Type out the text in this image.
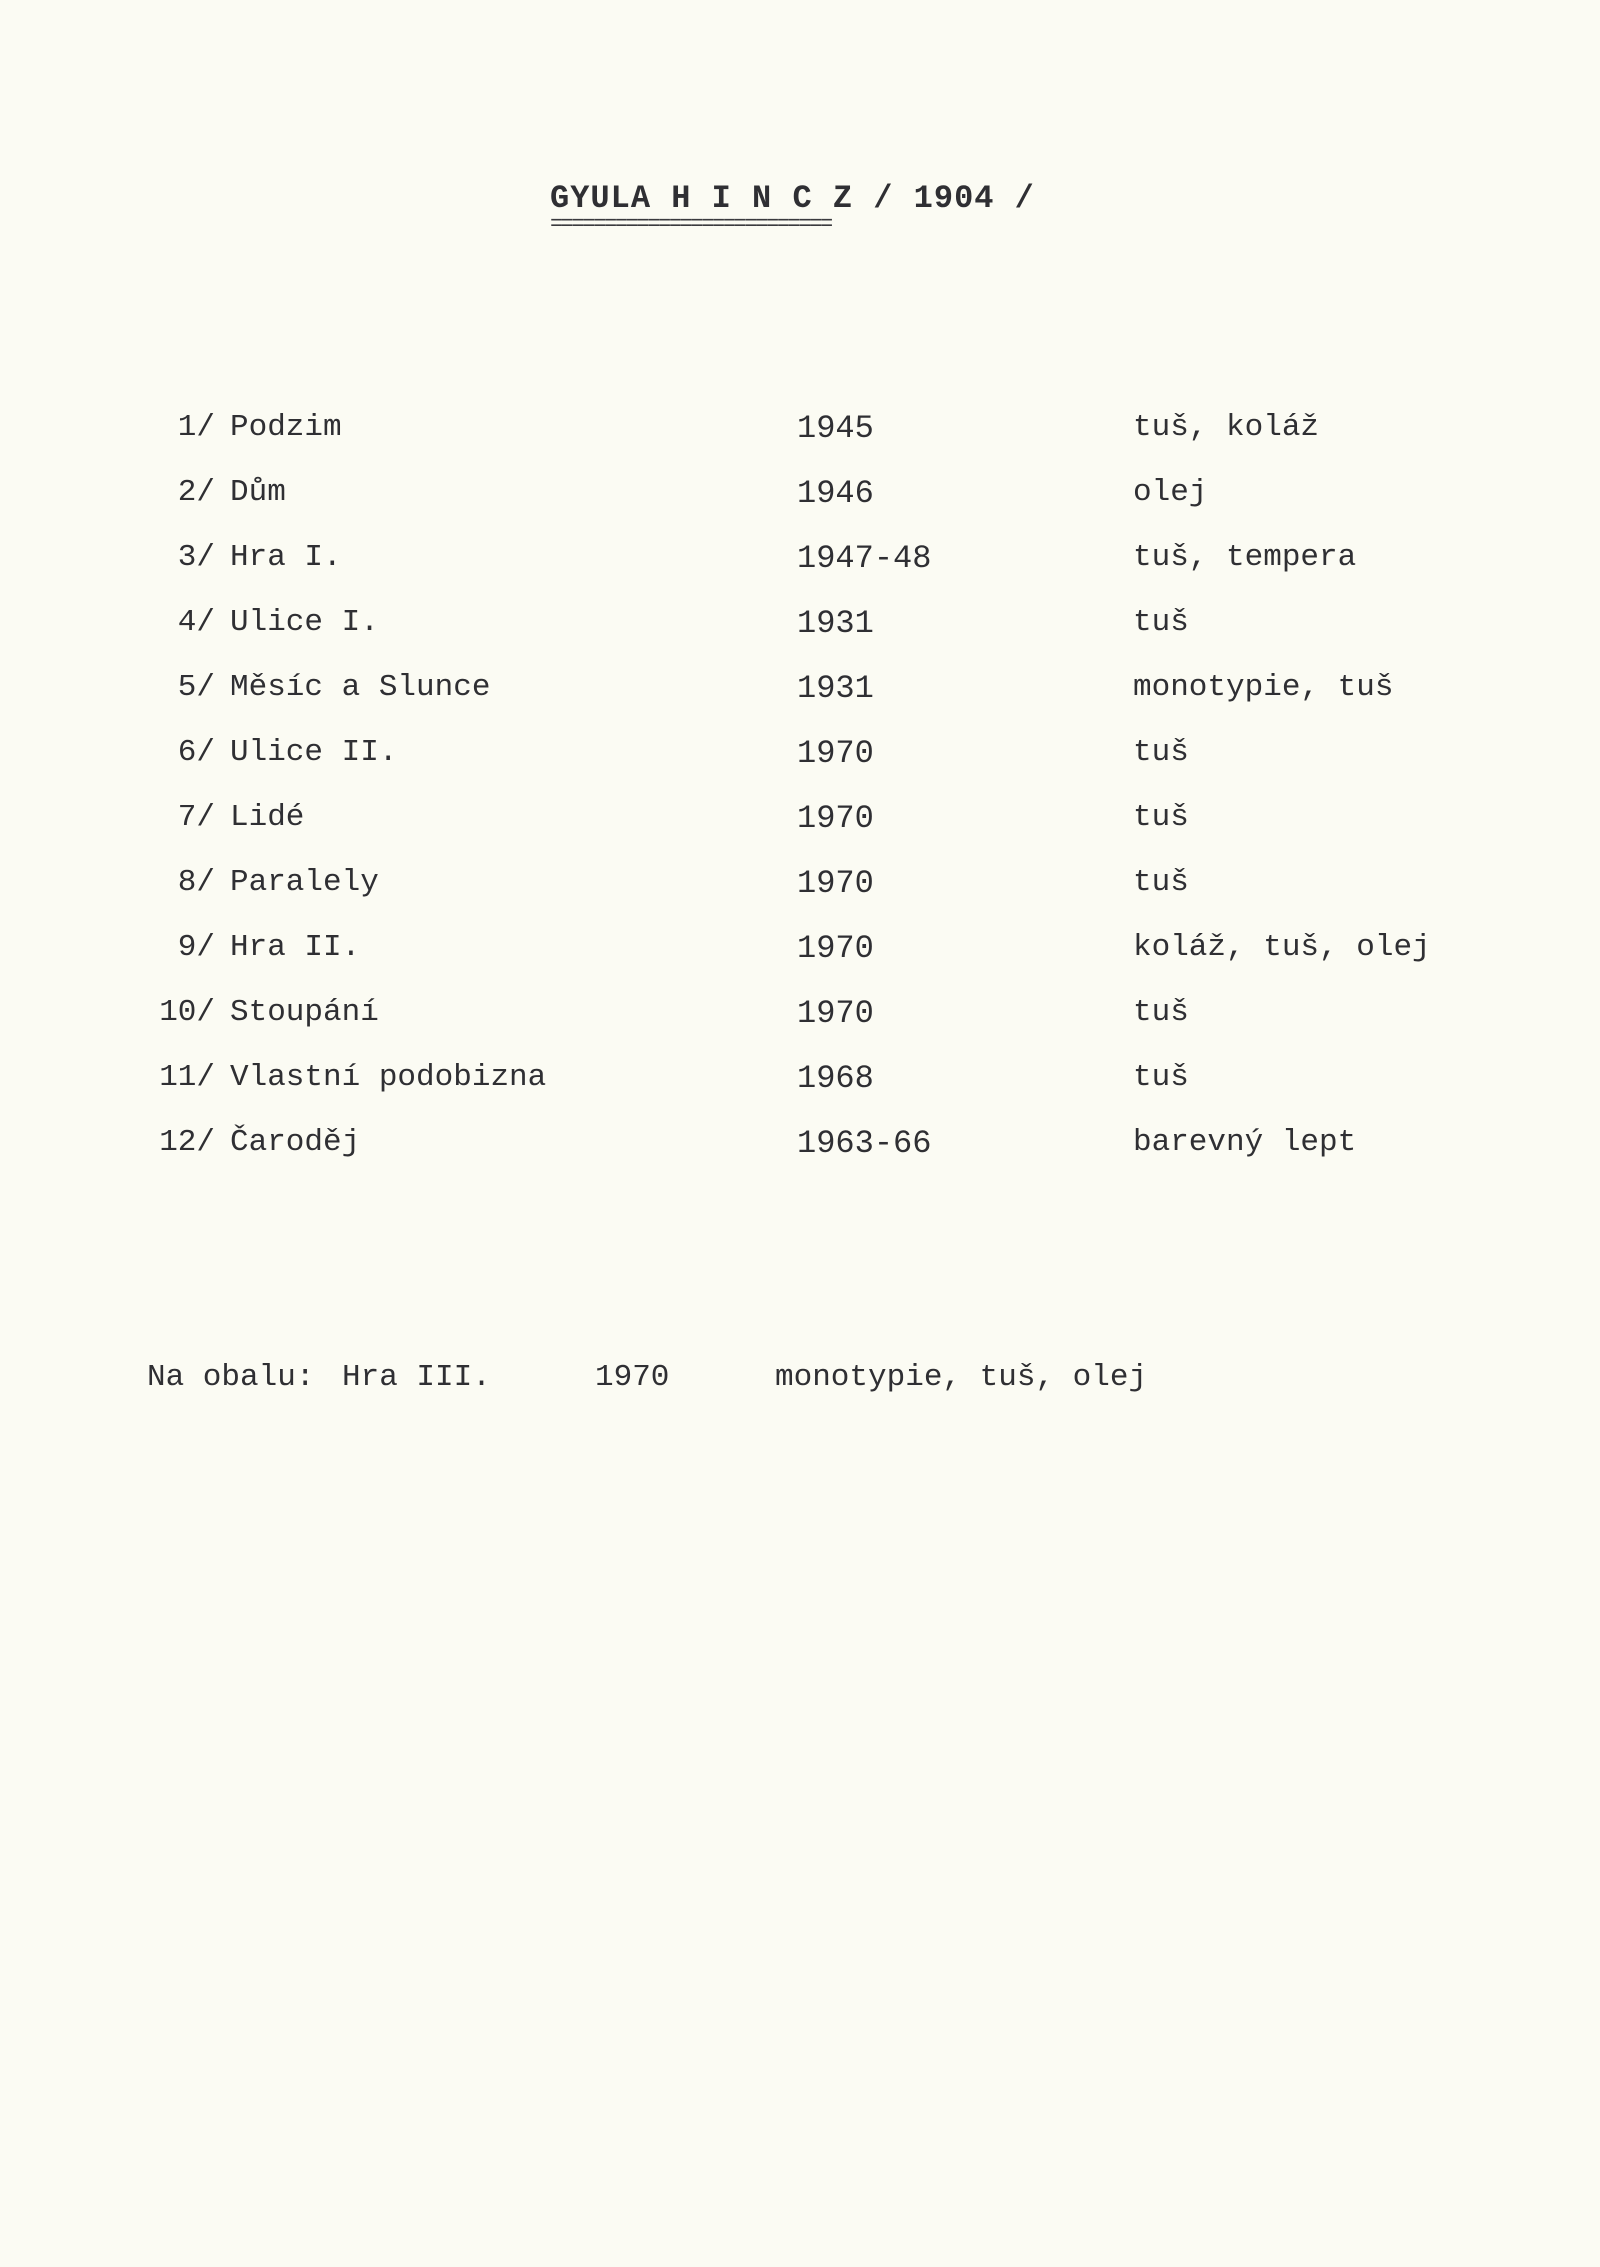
GYULA H I N C Z / 1904 /
==========================
1/ Podzim	1945	tuš, koláž
2/ Dům	1946	olej
3/ Hra I.	1947-48	tuš, tempera
4/ Ulice I.	1931	tuš
5/ Měsíc a Slunce	1931	monotypie, tuš
6/ Ulice II.	1970	tuš
7/ Lidé	1970	tuš
8/ Paralely	1970	tuš
9/ Hra II.	1970	koláž, tuš, olej
10/ Stoupání	1970	tuš
11/ Vlastní podobizna	1968	tuš
12/ Čaroděj	1963-66	barevný lept
Na obalu: Hra III.	1970	monotypie, tuš, olej
